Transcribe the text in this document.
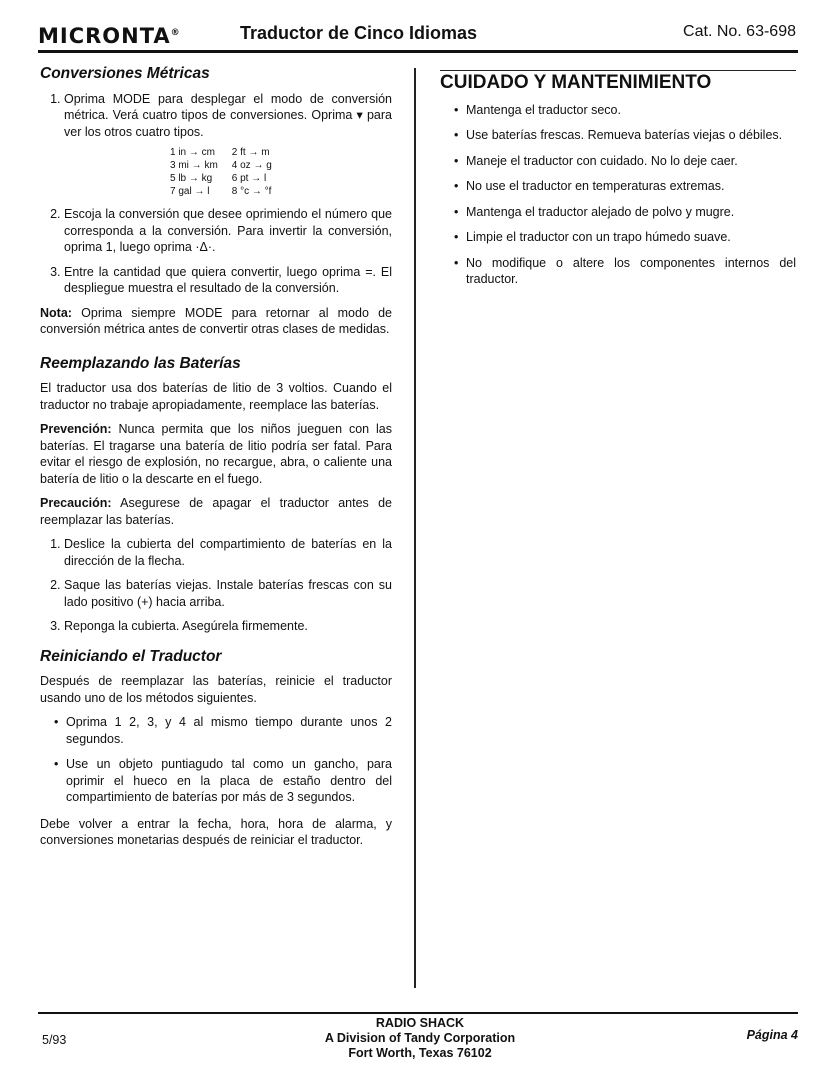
MICRONTA®	Traductor de Cinco Idiomas	Cat. No. 63-698
Conversiones Métricas
1. Oprima MODE para desplegar el modo de conversión métrica. Verá cuatro tipos de conversiones. Oprima ▾ para ver los otros cuatro tipos.
1 in → cm	2 ft → m
3 mi → km	4 oz → g
5 lb → kg	6 pt → l
7 gal → l	8 °c → °f
2. Escoja la conversión que desee oprimiendo el número que corresponda a la conversión. Para invertir la conversión, oprima 1, luego oprima ·Δ·.
3. Entre la cantidad que quiera convertir, luego oprima =. El despliegue muestra el resultado de la conversión.

Nota: Oprima siempre MODE para retornar al modo de conversión métrica antes de convertir otras clases de medidas.

Reemplazando las Baterías

El traductor usa dos baterías de litio de 3 voltios. Cuando el traductor no trabaje apropiadamente, reemplace las baterías.

Prevención: Nunca permita que los niños jueguen con las baterías. El tragarse una batería de litio podría ser fatal. Para evitar el riesgo de explosión, no recargue, abra, o caliente una batería de litio o la descarte en el fuego.

Precaución: Asegurese de apagar el traductor antes de reemplazar las baterías.

1. Deslice la cubierta del compartimiento de baterías en la dirección de la flecha.
2. Saque las baterías viejas. Instale baterías frescas con su lado positivo (+) hacia arriba.
3. Reponga la cubierta. Asegúrela firmemente.
Reiniciando el Traductor

Después de reemplazar las baterías, reinicie el traductor usando uno de los métodos siguientes.

• Oprima 1 2, 3, y 4 al mismo tiempo durante unos 2 segundos.
• Use un objeto puntiagudo tal como un gancho, para oprimir el hueco en la placa de estaño dentro del compartimiento de baterías por más de 3 segundos.

Debe volver a entrar la fecha, hora, hora de alarma, y conversiones monetarias después de reiniciar el traductor.

CUIDADO Y MANTENIMIENTO
• Mantenga el traductor seco.
• Use baterías frescas. Remueva baterías viejas o débiles.
• Maneje el traductor con cuidado. No lo deje caer.
• No use el traductor en temperaturas extremas.
• Mantenga el traductor alejado de polvo y mugre.
• Limpie el traductor con un trapo húmedo suave.
• No modifique o altere los componentes internos del traductor.
5/93
RADIO SHACK
A Division of Tandy Corporation
Fort Worth, Texas 76102
Página 4
